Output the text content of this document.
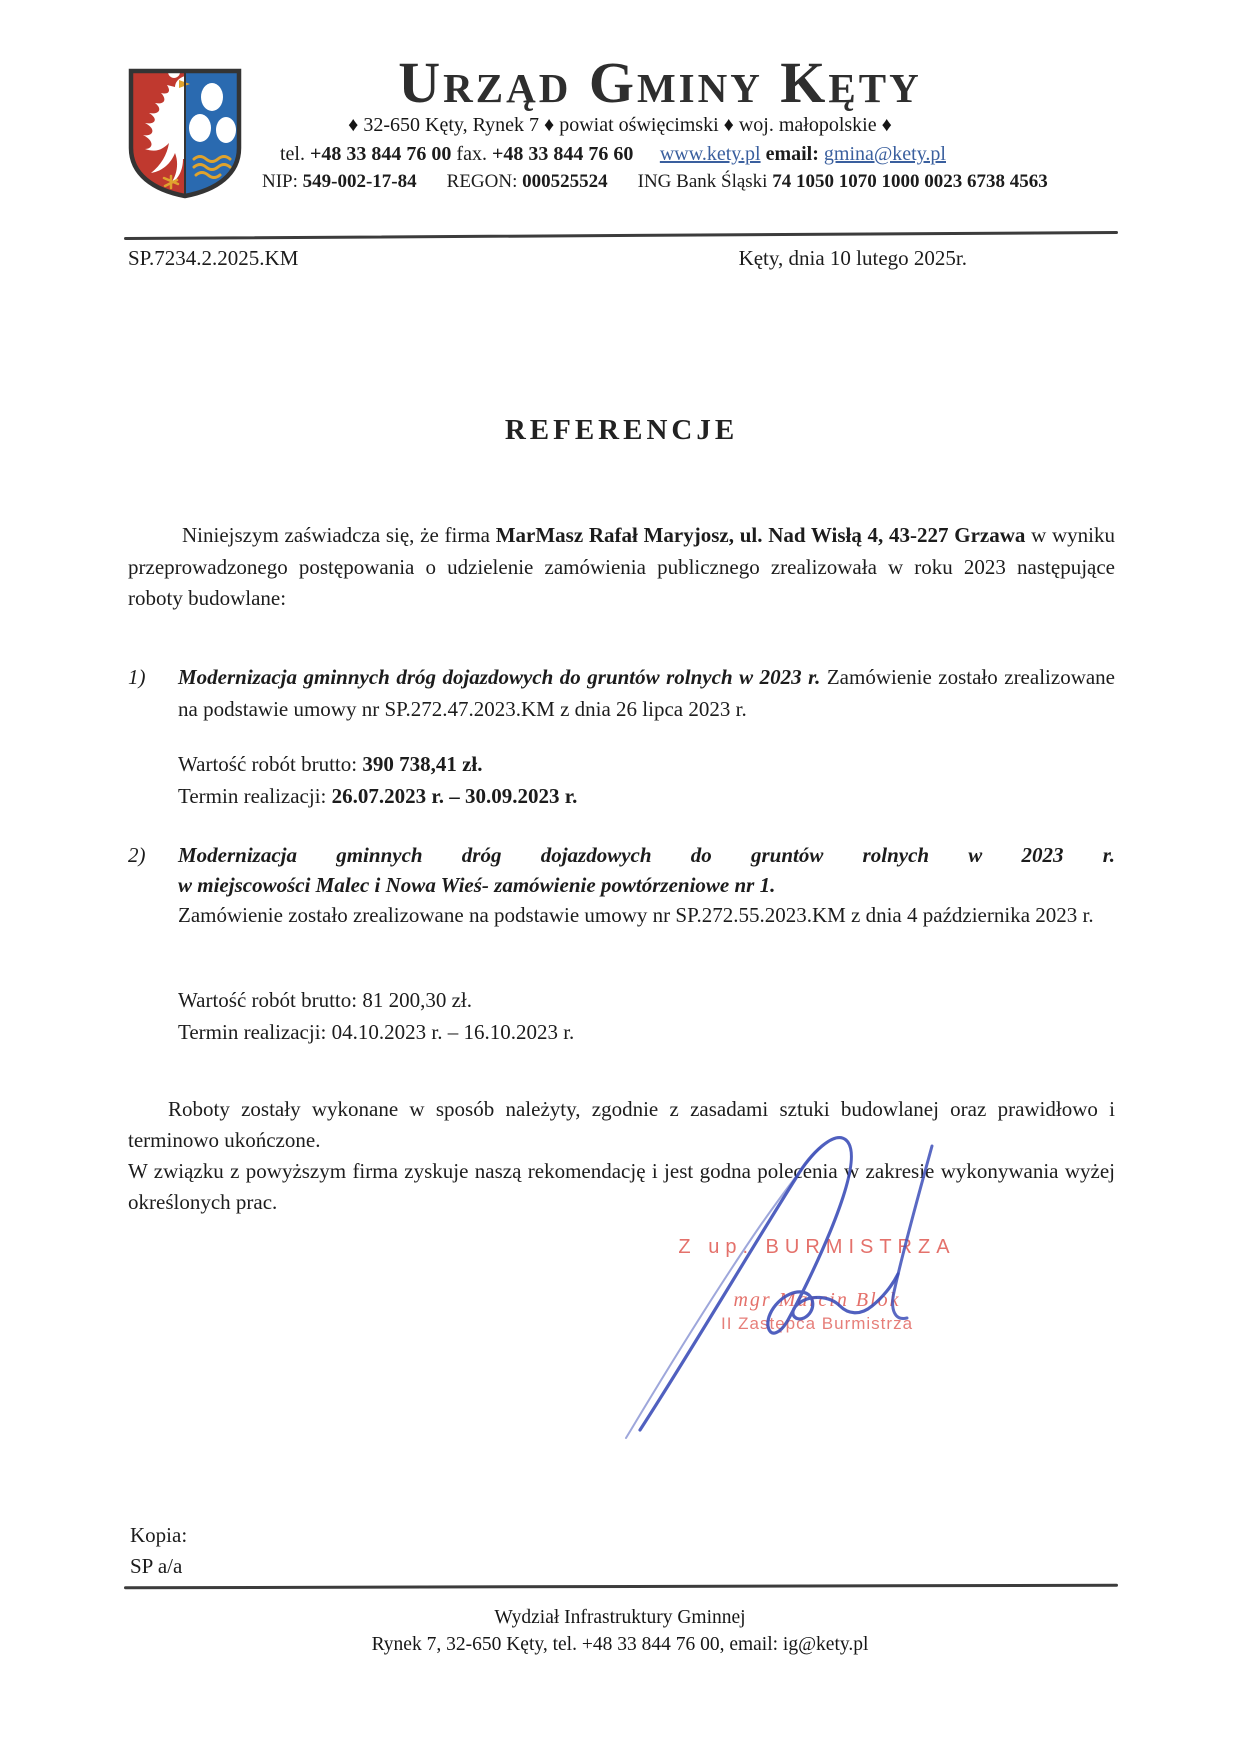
Urząd Gminy Kęty
♦ 32-650 Kęty, Rynek 7 ♦ powiat oświęcimski ♦ woj. małopolskie ♦
tel. +48 33 844 76 00 fax. +48 33 844 76 60 www.kety.pl email: gmina@kety.pl
NIP: 549-002-17-84 REGON: 000525524 ING Bank Śląski 74 1050 1070 1000 0023 6738 4563
SP.7234.2.2025.KM	Kęty, dnia 10 lutego 2025r.
REFERENCJE

Niniejszym zaświadcza się, że firma MarMasz Rafał Maryjosz, ul. Nad Wisłą 4, 43-227 Grzawa w wyniku przeprowadzonego postępowania o udzielenie zamówienia publicznego zrealizowała w roku 2023 następujące roboty budowlane:

1)	Modernizacja gminnych dróg dojazdowych do gruntów rolnych w 2023 r. Zamówienie zostało zrealizowane na podstawie umowy nr SP.272.47.2023.KM z dnia 26 lipca 2023 r.
Wartość robót brutto: 390 738,41 zł.
Termin realizacji: 26.07.2023 r. – 30.09.2023 r.
2)	Modernizacja gminnych dróg dojazdowych do gruntów rolnych w 2023 r.
w miejscowości Malec i Nowa Wieś- zamówienie powtórzeniowe nr 1.
Zamówienie zostało zrealizowane na podstawie umowy nr SP.272.55.2023.KM z dnia 4 października 2023 r.
Wartość robót brutto: 81 200,30 zł.
Termin realizacji: 04.10.2023 r. – 16.10.2023 r.

Roboty zostały wykonane w sposób należyty, zgodnie z zasadami sztuki budowlanej oraz prawidłowo i terminowo ukończone.

W związku z powyższym firma zyskuje naszą rekomendację i jest godna polecenia w zakresie wykonywania wyżej określonych prac.

Z up. BURMISTRZA
mgr Marcin Blok
II Zastępca Burmistrza
Kopia:
SP a/a
Wydział Infrastruktury Gminnej
Rynek 7, 32-650 Kęty, tel. +48 33 844 76 00, email: ig@kety.pl
